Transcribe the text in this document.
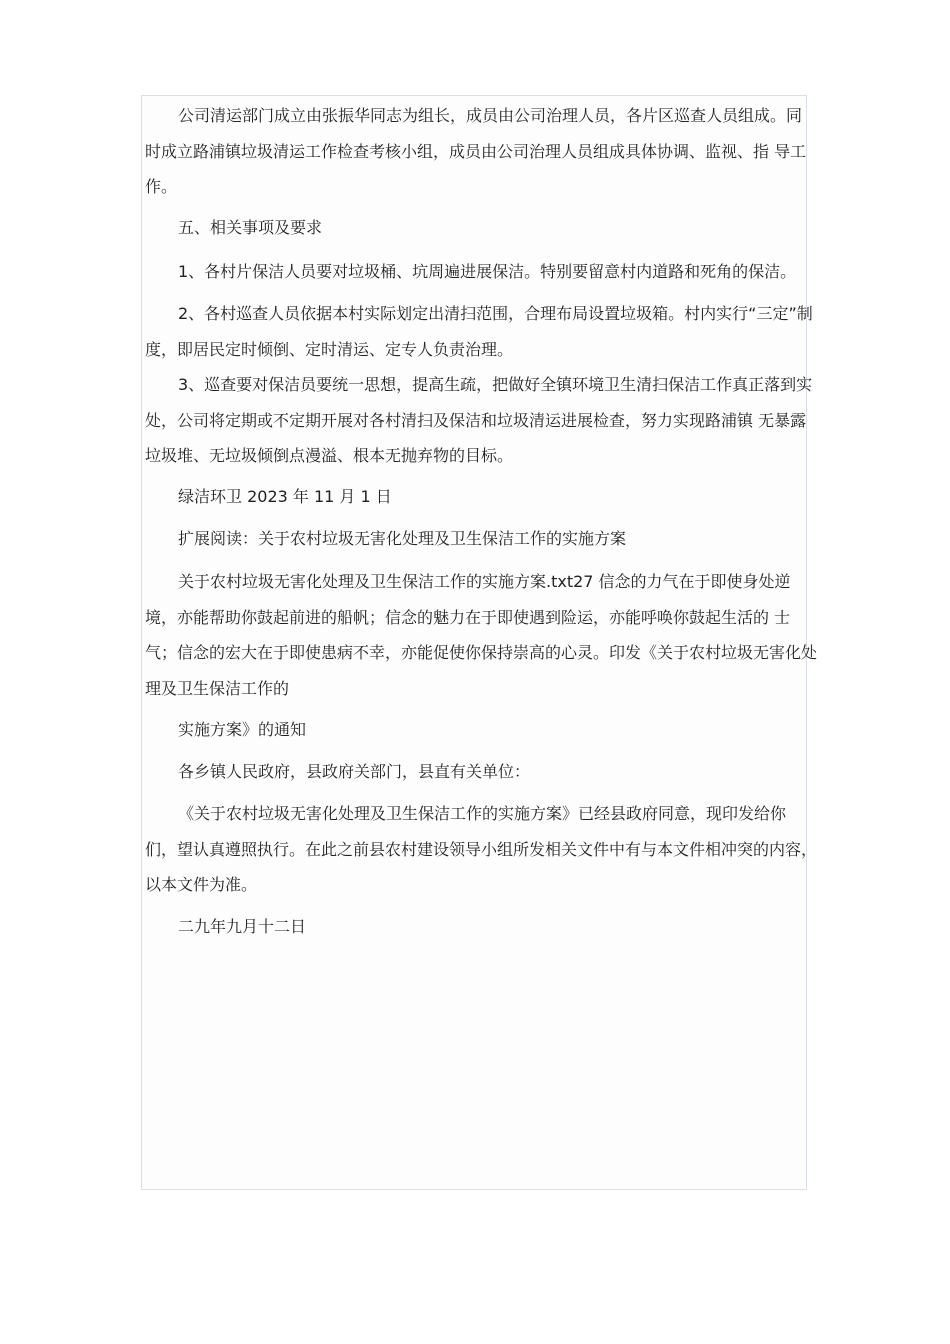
公司清运部门成立由张振华同志为组长，成员由公司治理人员，各片区巡查人员组成。同时成立路浦镇垃圾清运工作检查考核小组，成员由公司治理人员组成具体协调、监视、指 导工作。

五、相关事项及要求

1、各村片保洁人员要对垃圾桶、坑周遍进展保洁。特别要留意村内道路和死角的保洁。

2、各村巡查人员依据本村实际划定出清扫范围，合理布局设置垃圾箱。村内实行“三定”制度，即居民定时倾倒、定时清运、定专人负责治理。

3、巡查要对保洁员要统一思想，提高生疏，把做好全镇环境卫生清扫保洁工作真正落到实处，公司将定期或不定期开展对各村清扫及保洁和垃圾清运进展检查，努力实现路浦镇 无暴露垃圾堆、无垃圾倾倒点漫溢、根本无抛弃物的目标。

绿洁环卫 2023 年 11 月 1 日

扩展阅读：关于农村垃圾无害化处理及卫生保洁工作的实施方案

关于农村垃圾无害化处理及卫生保洁工作的实施方案.txt27 信念的力气在于即使身处逆境，亦能帮助你鼓起前进的船帆；信念的魅力在于即使遇到险运，亦能呼唤你鼓起生活的 士气；信念的宏大在于即使患病不幸，亦能促使你保持崇高的心灵。印发《关于农村垃圾无害化处理及卫生保洁工作的

实施方案》的通知

各乡镇人民政府，县政府关部门，县直有关单位：

《关于农村垃圾无害化处理及卫生保洁工作的实施方案》已经县政府同意，现印发给你们，望认真遵照执行。在此之前县农村建设领导小组所发相关文件中有与本文件相冲突的内容，以本文件为准。

二九年九月十二日
